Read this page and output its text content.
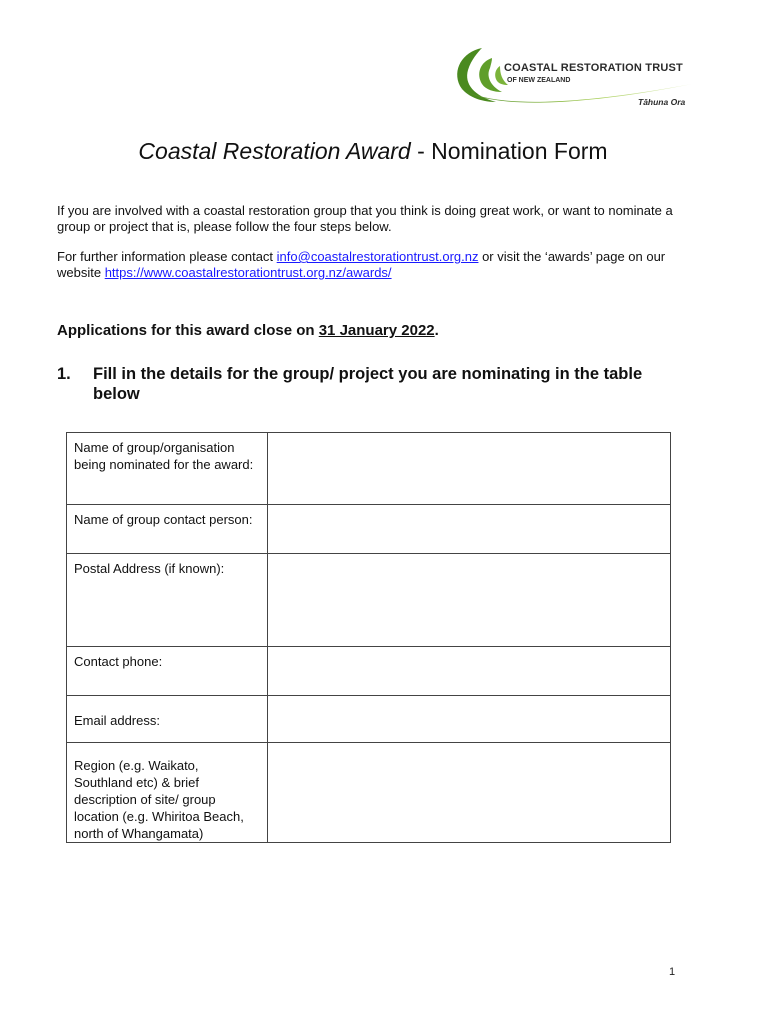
COASTAL RESTORATION TRUST
OF NEW ZEALAND
Tāhuna Ora
Coastal Restoration Award - Nomination Form
If you are involved with a coastal restoration group that you think is doing great work, or want to nominate a group or project that is, please follow the four steps below.
For further information please contact info@coastalrestorationtrust.org.nz or visit the ‘awards’ page on our website https://www.coastalrestorationtrust.org.nz/awards/
Applications for this award close on 31 January 2022.
1. Fill in the details for the group/ project you are nominating in the table below
Name of group/organisation being nominated for the award:	
Name of group contact person:	
Postal Address (if known):	
Contact phone:	
Email address:	
Region (e.g. Waikato, Southland etc) & brief description of site/ group location (e.g. Whiritoa Beach, north of Whangamata)	
1
